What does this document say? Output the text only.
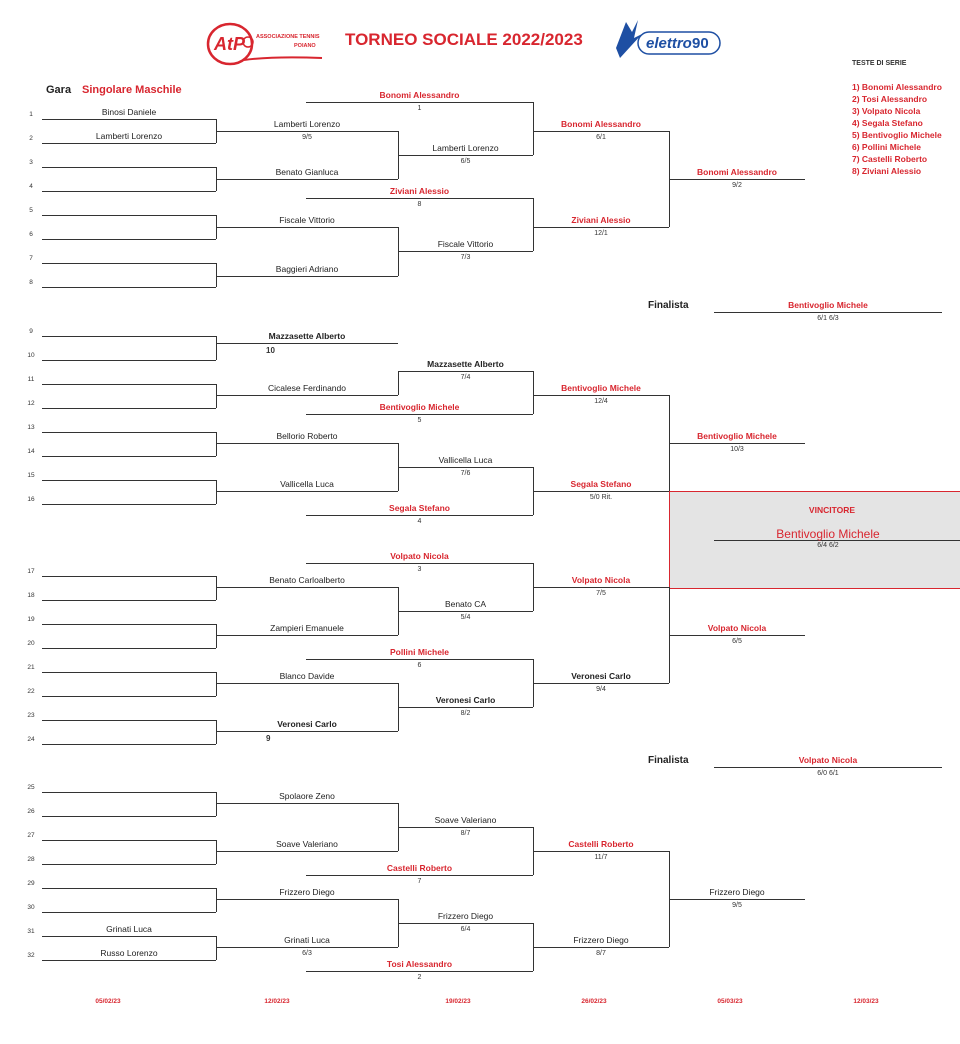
AtP ASSOCIAZIONE TENNIS
POIANO TORNEO SOCIALE 2022/2023	elettro 90
Gara Singolare Maschile
TESTE DI SERIE
1) Bonomi Alessandro
2) Tosi Alessandro
3) Volpato Nicola
4) Segala Stefano
5) Bentivoglio Michele
6) Pollini Michele
7) Castelli Roberto
8) Ziviani Alessio
VINCITORE
Bentivoglio Michele
6/4 6/2
1	Binosi Daniele
2	Lamberti Lorenzo
3
4
5
6
7
8
9
10
11
12
13
14
15
16
17
18
19
20
21
22
23
24
25
26
27
28
29
30
31	Grinati Luca
32	Russo Lorenzo
Bonomi Alessandro
1
Lamberti Lorenzo
9/5
Benato Gianluca
Ziviani Alessio
8
Fiscale Vittorio
Baggieri Adriano
Mazzasette Alberto
10
Cicalese Ferdinando
Bentivoglio Michele
5
Bellorio Roberto
Vallicella Luca
Segala Stefano
4
Volpato Nicola
3
Benato Carloalberto
Zampieri Emanuele
Pollini Michele
6
Blanco Davide
Veronesi Carlo
9
Spolaore Zeno
Soave Valeriano
Castelli Roberto
7
Frizzero Diego
Grinati Luca
6/3
Tosi Alessandro
2
Lamberti Lorenzo
6/5
Fiscale Vittorio
7/3
Mazzasette Alberto
7/4
Vallicella Luca
7/6
Benato CA
5/4
Veronesi Carlo
8/2
Soave Valeriano
8/7
Frizzero Diego
6/4
Bonomi Alessandro
6/1
Ziviani Alessio
12/1
Bentivoglio Michele
12/4
Segala Stefano
5/0 Rit.
Volpato Nicola
7/5
Veronesi Carlo
9/4
Castelli Roberto
11/7
Frizzero Diego
8/7
Bonomi Alessandro
9/2
Bentivoglio Michele
10/3
Volpato Nicola
6/5
Frizzero Diego
9/5
Finalista	Bentivoglio Michele
6/1 6/3
Finalista	Volpato Nicola
6/0 6/1
05/02/23	12/02/23	19/02/23	26/02/23	05/03/23	12/03/23
